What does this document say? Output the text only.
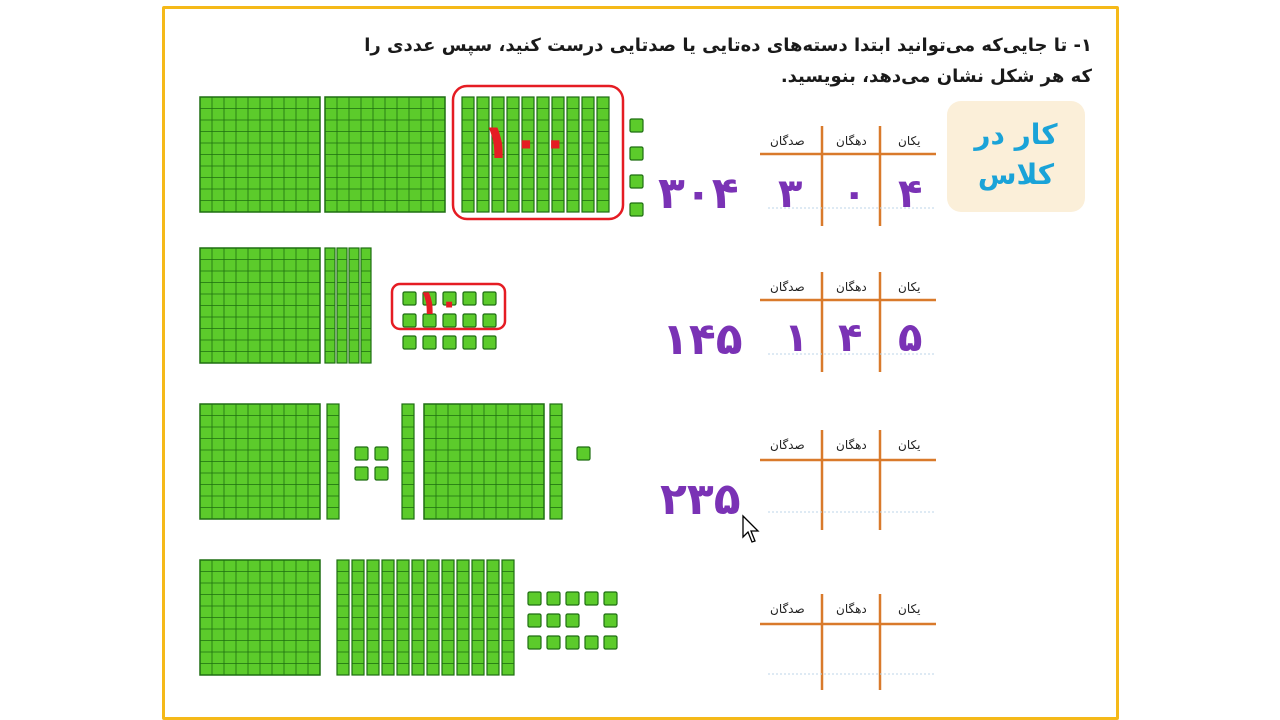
۱- تا جایی‌که می‌توانید ابتدا دسته‌های ده‌تایی یا صدتایی درست کنید، سپس عددی را که هر شکل نشان می‌دهد، بنویسید.

کار در
کلاس
۱۰۰
۱۰
۳۰۴
۱۴۵
۲۳۵
صدگان	دهگان	یکان
۳ ۰ ۴
صدگان	دهگان	یکان
۱ ۴ ۵
صدگان	دهگان	یکان
صدگان	دهگان	یکان
